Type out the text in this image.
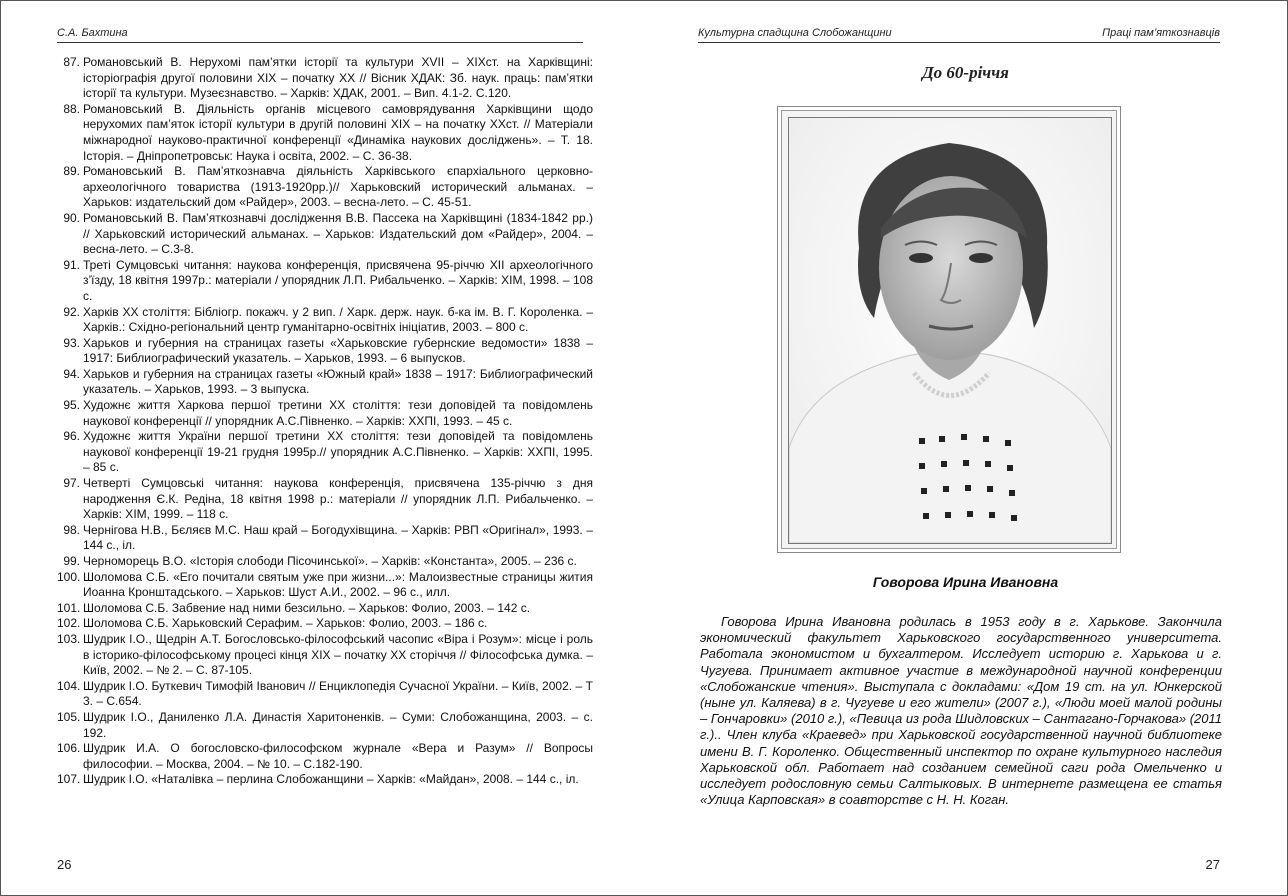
С.А. Бахтина
87. Романовський В. Нерухомі пам’ятки історії та культури XVII – XIXст. на Харківщині: історіографія другої половини ХІХ – початку ХХ // Вісник ХДАК: Зб. наук. праць: пам’ятки історії та культури. Музеєзнавство. – Харків: ХДАК, 2001. – Вип. 4.1-2. С.120.
88. Романовський В. Діяльність органів місцевого самоврядування Харківщини щодо нерухомих пам’яток історії культури в другій половині ХІХ – на початку ХХст. // Матеріали міжнародної науково-практичної конференції «Динаміка наукових досліджень». – Т. 18. Історія. – Дніпропетровськ: Наука і освіта, 2002. – С. 36-38.
89. Романовський В. Пам’яткознавча діяльність Харківського єпархіального церковно-археологічного товариства (1913-1920рр.)// Харьковский исторический альманах. – Харьков: издательский дом «Райдер», 2003. – весна-лето. – С. 45-51.
90. Романовський В. Пам’яткознавчі дослідження В.В. Пассека на Харківщині (1834-1842 рр.) // Харьковский исторический альманах. – Харьков: Издательский дом «Райдер», 2004. – весна-лето. – С.3-8.
91. Треті Сумцовські читання: наукова конференція, присвячена 95-річчю XII археологічного з’їзду, 18 квітня 1997р.: матеріали / упорядник Л.П. Рибальченко. – Харків: ХІМ, 1998. – 108 с.
92. Харків XX століття: Бібліогр. покажч. у 2 вип. / Харк. держ. наук. б-ка ім. В. Г. Короленка. – Харків.: Східно-регіональний центр гуманітарно-освітніх ініціатив, 2003. – 800 с.
93. Харьков и губерния на страницах газеты «Харьковские губернские ведомости» 1838 – 1917: Библиографический указатель. – Харьков, 1993. – 6 выпусков.
94. Харьков и губерния на страницах газеты «Южный край» 1838 – 1917: Библиографический указатель. – Харьков, 1993. – 3 выпуска.
95. Художнє життя Харкова першої третини ХХ століття: тези доповідей та повідомлень наукової конференції // упорядник А.С.Півненко. – Харків: ХХПІ, 1993. – 45 с.
96. Художнє життя України першої третини ХХ століття: тези доповідей та повідомлень наукової конференції 19-21 грудня 1995р.// упорядник А.С.Півненко. – Харків: ХХПІ, 1995. – 85 с.
97. Четверті Сумцовські читання: наукова конференція, присвячена 135-річчю з дня народження Є.К. Редіна, 18 квітня 1998 р.: матеріали // упорядник Л.П. Рибальченко. – Харків: ХІМ, 1999. – 118 с.
98. Чернігова Н.В., Бєляєв М.С. Наш край – Богодухівщина. – Харків: РВП «Оригінал», 1993. – 144 с., іл.
99. Черноморець В.О. «Історія слободи Пісочинської». – Харків: «Константа», 2005. – 236 с.
100. Шоломова С.Б. «Его почитали святым уже при жизни...»: Малоизвестные страницы жития Иоанна Кронштадського. – Харьков: Шуст А.И., 2002. – 96 с., илл.
101. Шоломова С.Б. Забвение над ними безсильно. – Харьков: Фолио, 2003. – 142 с.
102. Шоломова С.Б. Харьковский Серафим. – Харьков: Фолио, 2003. – 186 с.
103. Шудрик І.О., Щедрін А.Т. Богословсько-філософський часопис «Віра і Розум»: місце і роль в історико-філософському процесі кінця ХІХ – початку ХХ сторіччя // Філософська думка. – Київ, 2002. – № 2. – С. 87-105.
104. Шудрик І.О. Буткевич Тимофій Іванович // Енциклопедія Сучасної України. – Київ, 2002. – Т 3. – С.654.
105. Шудрик І.О., Даниленко Л.А. Династія Харитоненків. – Суми: Слобожанщина, 2003. – с. 192.
106. Шудрик И.А. О богословско-философском журнале «Вера и Разум» // Вопросы философии. – Москва, 2004. – № 10. – С.182-190.
107. Шудрик І.О. «Наталівка – перлина Слобожанщини – Харків: «Майдан», 2008. – 144 с., іл.
26
Культурна спадщина Слобожанщини	Праці пам’яткознавців
До 60-річчя
Говорова Ирина Ивановна

Говорова Ирина Ивановна родилась в 1953 году в г. Харькове. Закончила экономический факультет Харьковского государственного университета. Работала экономистом и бухгалтером. Исследует историю г. Харькова и г. Чугуева. Принимает активное участие в международной научной конференции «Слобожанские чтения». Выступала с докладами: «Дом 19 ст. на ул. Юнкерской (ныне ул. Каляева) в г. Чугуеве и его жители» (2007 г.), «Люди моей малой родины – Гончаровки» (2010 г.), «Певица из рода Шидловских – Сантагано-Горчакова» (2011 г.).. Член клуба «Краевед» при Харьковской государственной научной библиотеке имени В. Г. Короленко. Общественный инспектор по охране культурного наследия Харьковской обл. Работает над созданием семейной саги рода Омельченко и исследует родословную семьи Салтыковых. В интернете размещена ее статья «Улица Карповская» в соавторстве с Н. Н. Коган.

27
